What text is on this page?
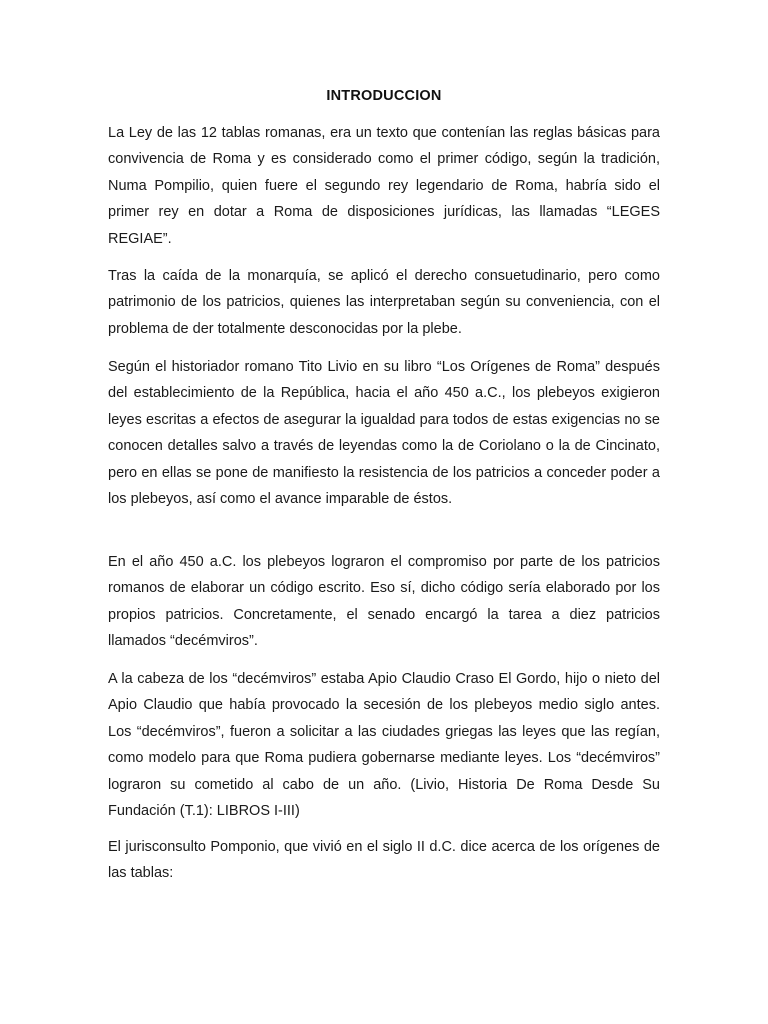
INTRODUCCION

La Ley de las 12 tablas romanas, era un texto que contenían las reglas básicas para convivencia de Roma y es considerado como el primer código, según la tradición, Numa Pompilio, quien fuere el segundo rey legendario de Roma, habría sido el primer rey en dotar a Roma de disposiciones jurídicas, las llamadas “LEGES REGIAE”.

Tras la caída de la monarquía, se aplicó el derecho consuetudinario, pero como patrimonio de los patricios, quienes las interpretaban según su conveniencia, con el problema de der totalmente desconocidas por la plebe.

Según el historiador romano Tito Livio en su libro “Los Orígenes de Roma” después del establecimiento de la República, hacia el año 450 a.C., los plebeyos exigieron leyes escritas a efectos de asegurar la igualdad para todos de estas exigencias no se conocen detalles salvo a través de leyendas como la de Coriolano o la de Cincinato, pero en ellas se pone de manifiesto la resistencia de los patricios a conceder poder a los plebeyos, así como el avance imparable de éstos.

En el año 450 a.C. los plebeyos lograron el compromiso por parte de los patricios romanos de elaborar un código escrito. Eso sí, dicho código sería elaborado por los propios patricios. Concretamente, el senado encargó la tarea a diez patricios llamados “decémviros”.

A la cabeza de los “decémviros” estaba Apio Claudio Craso El Gordo, hijo o nieto del Apio Claudio que había provocado la secesión de los plebeyos medio siglo antes. Los “decémviros”, fueron a solicitar a las ciudades griegas las leyes que las regían, como modelo para que Roma pudiera gobernarse mediante leyes. Los “decémviros” lograron su cometido al cabo de un año. (Livio, Historia De Roma Desde Su Fundación (T.1): LIBROS I-III)

El jurisconsulto Pomponio, que vivió en el siglo II d.C. dice acerca de los orígenes de las tablas:
